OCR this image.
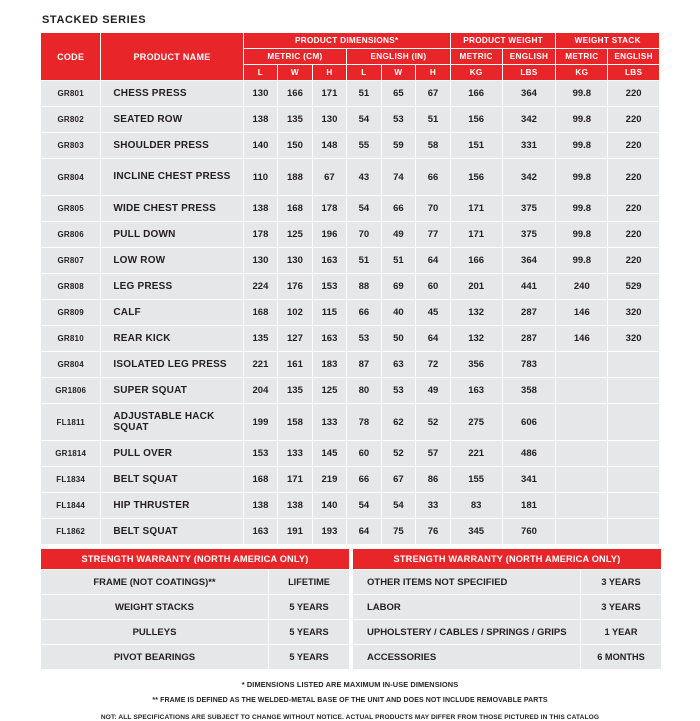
STACKED SERIES
CODE	PRODUCT NAME	PRODUCT DIMENSIONS*						PRODUCT WEIGHT		WEIGHT STACK	
		METRIC (CM)			ENGLISH (IN)			METRIC	ENGLISH	METRIC	ENGLISH
		L	W	H	L	W	H	KG	LBS	KG	LBS
GR801	CHESS PRESS	130	166	171	51	65	67	166	364	99.8	220
GR802	SEATED ROW	138	135	130	54	53	51	156	342	99.8	220
GR803	SHOULDER PRESS	140	150	148	55	59	58	151	331	99.8	220
GR804	INCLINE CHEST PRESS	110	188	67	43	74	66	156	342	99.8	220
GR805	WIDE CHEST PRESS	138	168	178	54	66	70	171	375	99.8	220
GR806	PULL DOWN	178	125	196	70	49	77	171	375	99.8	220
GR807	LOW ROW	130	130	163	51	51	64	166	364	99.8	220
GR808	LEG PRESS	224	176	153	88	69	60	201	441	240	529
GR809	CALF	168	102	115	66	40	45	132	287	146	320
GR810	REAR KICK	135	127	163	53	50	64	132	287	146	320
GR804	ISOLATED LEG PRESS	221	161	183	87	63	72	356	783		
GR1806	SUPER SQUAT	204	135	125	80	53	49	163	358		
FL1811	ADJUSTABLE HACK SQUAT	199	158	133	78	62	52	275	606		
GR1814	PULL OVER	153	133	145	60	52	57	221	486		
FL1834	BELT SQUAT	168	171	219	66	67	86	155	341		
FL1844	HIP THRUSTER	138	138	140	54	54	33	83	181		
FL1862	BELT SQUAT	163	191	193	64	75	76	345	760		
STRENGTH WARRANTY (NORTH AMERICA ONLY)	
FRAME (NOT COATINGS)**	LIFETIME
WEIGHT STACKS	5 YEARS
PULLEYS	5 YEARS
PIVOT BEARINGS	5 YEARS
STRENGTH WARRANTY (NORTH AMERICA ONLY)	
OTHER ITEMS NOT SPECIFIED	3 YEARS
LABOR	3 YEARS
UPHOLSTERY / CABLES / SPRINGS / GRIPS	1 YEAR
ACCESSORIES	6 MONTHS

* DIMENSIONS LISTED ARE MAXIMUM IN-USE DIMENSIONS

** FRAME IS DEFINED AS THE WELDED-METAL BASE OF THE UNIT AND DOES NOT INCLUDE REMOVABLE PARTS

NOT: ALL SPECIFICATIONS ARE SUBJECT TO CHANGE WITHOUT NOTICE. ACTUAL PRODUCTS MAY DIFFER FROM THOSE PICTURED IN THIS CATALOG
